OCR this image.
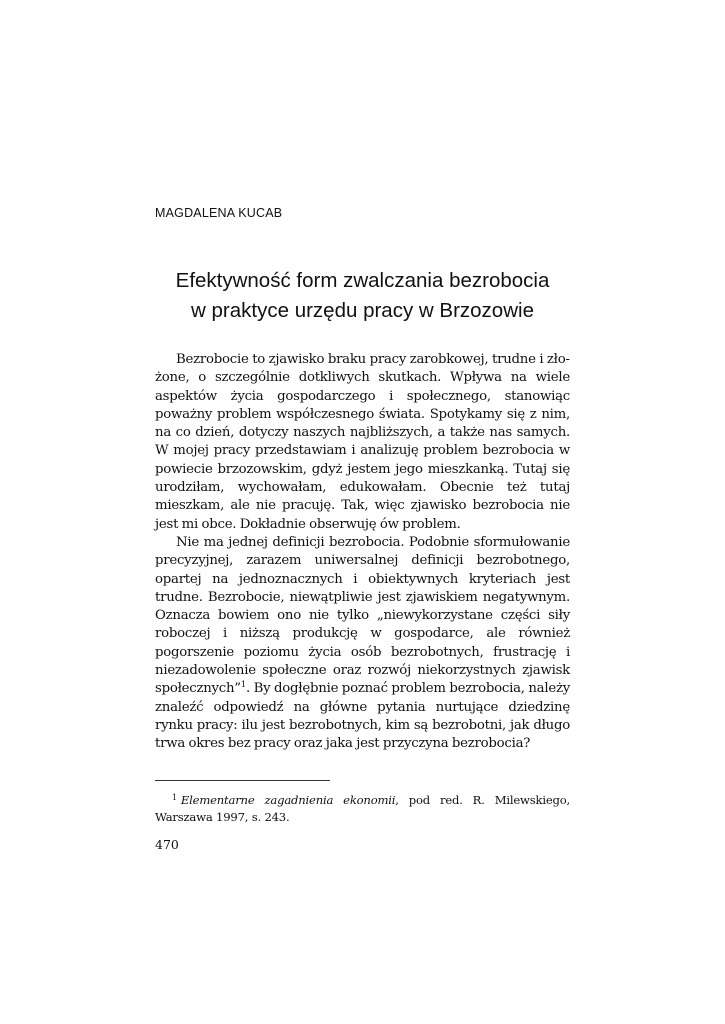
MAGDALENA KUCAB

Efektywność form zwalczania bezrobocia
w praktyce urzędu pracy w Brzozowie

Bezrobocie to zjawisko braku pracy zarobkowej, trudne i złożone, o szczególnie dotkliwych skutkach. Wpływa na wiele aspektów życia gospodarczego i społecznego, stanowiąc poważny problem współczesnego świata. Spotykamy się z nim, na co dzień, dotyczy naszych najbliższych, a także nas samych. W mojej pracy przedstawiam i analizuję problem bezrobocia w powiecie brzozowskim, gdyż jestem jego mieszkanką. Tutaj się urodziłam, wychowałam, edukowałam. Obecnie też tutaj mieszkam, ale nie pracuję. Tak, więc zjawisko bezrobocia nie jest mi obce. Dokładnie obserwuję ów problem.

Nie ma jednej definicji bezrobocia. Podobnie sformułowanie precyzyjnej, zarazem uniwersalnej definicji bezrobotnego, opartej na jednoznacznych i obiektywnych kryteriach jest trudne. Bezrobocie, niewątpliwie jest zjawiskiem negatywnym. Oznacza bowiem ono nie tylko „niewykorzystane części siły roboczej i niższą produkcję w gospodarce, ale również pogorszenie poziomu życia osób bezrobotnych, frustrację i niezadowolenie społeczne oraz rozwój niekorzystnych zjawisk społecznych”$^1$. By dogłębnie poznać problem bezrobocia, należy znaleźć odpowiedź na główne pytania nurtujące dziedzinę rynku pracy: ilu jest bezrobotnych, kim są bezrobotni, jak długo trwa okres bez pracy oraz jaka jest przyczyna bezrobocia?

$^1$ Elementarne zagadnienia ekonomii, pod red. R. Milewskiego, Warszawa 1997, s. 243.

470
